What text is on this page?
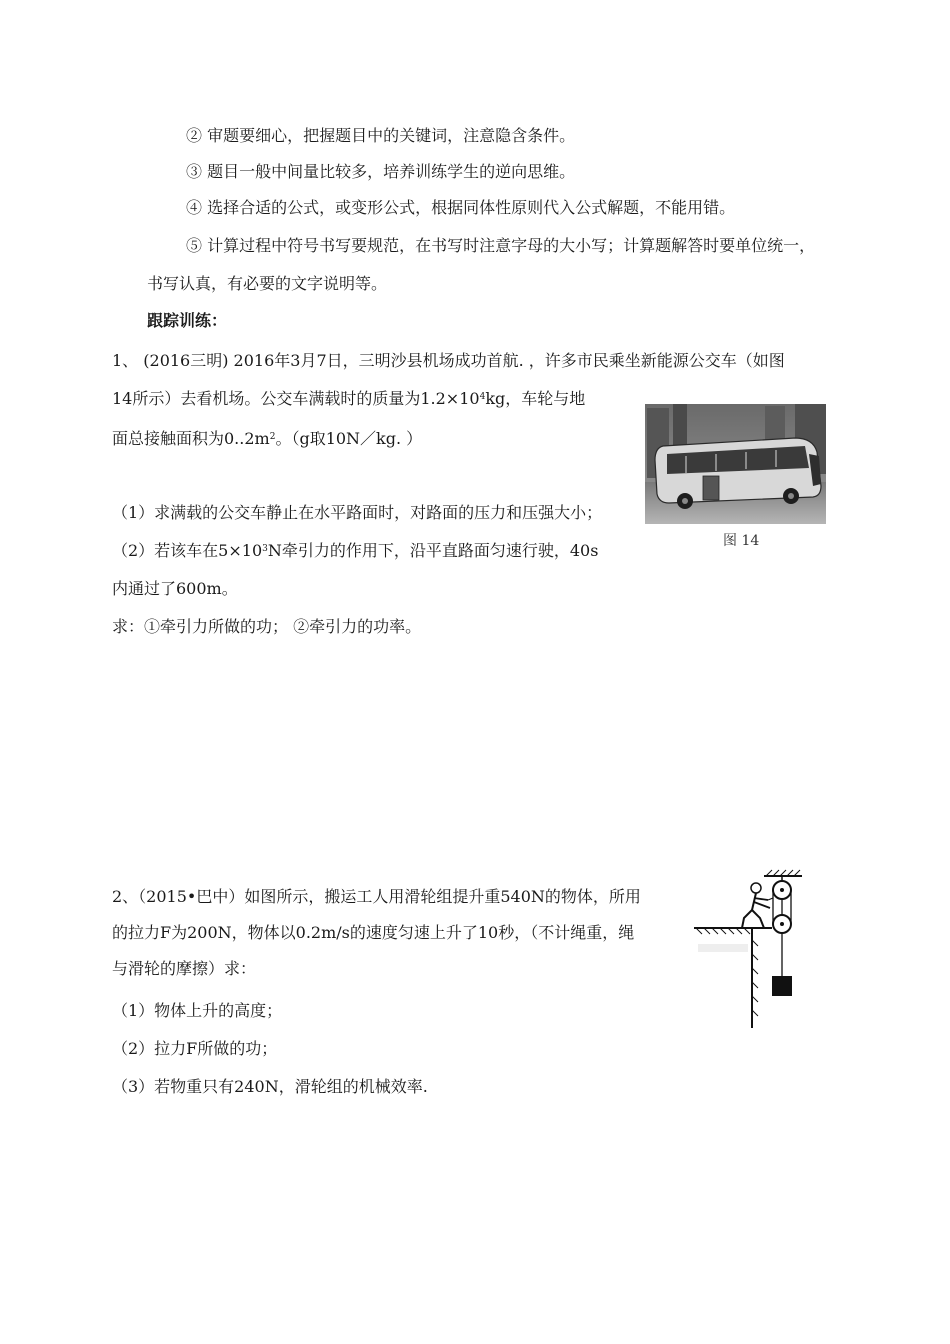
② 审题要细心，把握题目中的关键词，注意隐含条件。
③ 题目一般中间量比较多，培养训练学生的逆向思维。
④ 选择合适的公式，或变形公式，根据同体性原则代入公式解题，不能用错。
⑤ 计算过程中符号书写要规范，在书写时注意字母的大小写；计算题解答时要单位统一，
书写认真，有必要的文字说明等。
跟踪训练：
1、 (2016三明) 2016年3月7日，三明沙县机场成功首航. ，许多市民乘坐新能源公交车（如图
14所示）去看机场。公交车满载时的质量为$1.2\times 10^4kg$，车轮与地
面总接触面积为$0..2m^2$。（g取10N／kg. ）
（1）求满载的公交车静止在水平路面时，对路面的压力和压强大小；
（2）若该车在$5\times 10^3N$牵引力的作用下，沿平直路面匀速行驶，40s
内通过了600m。
求：①牵引力所做的功； ②牵引力的功率。
图 14
2、（2015•巴中）如图所示，搬运工人用滑轮组提升重540N的物体，所用
的拉力F为200N，物体以0.2m/s的速度匀速上升了10秒，（不计绳重，绳
与滑轮的摩擦）求：
（1）物体上升的高度；
（2）拉力F所做的功；
（3）若物重只有240N，滑轮组的机械效率.
